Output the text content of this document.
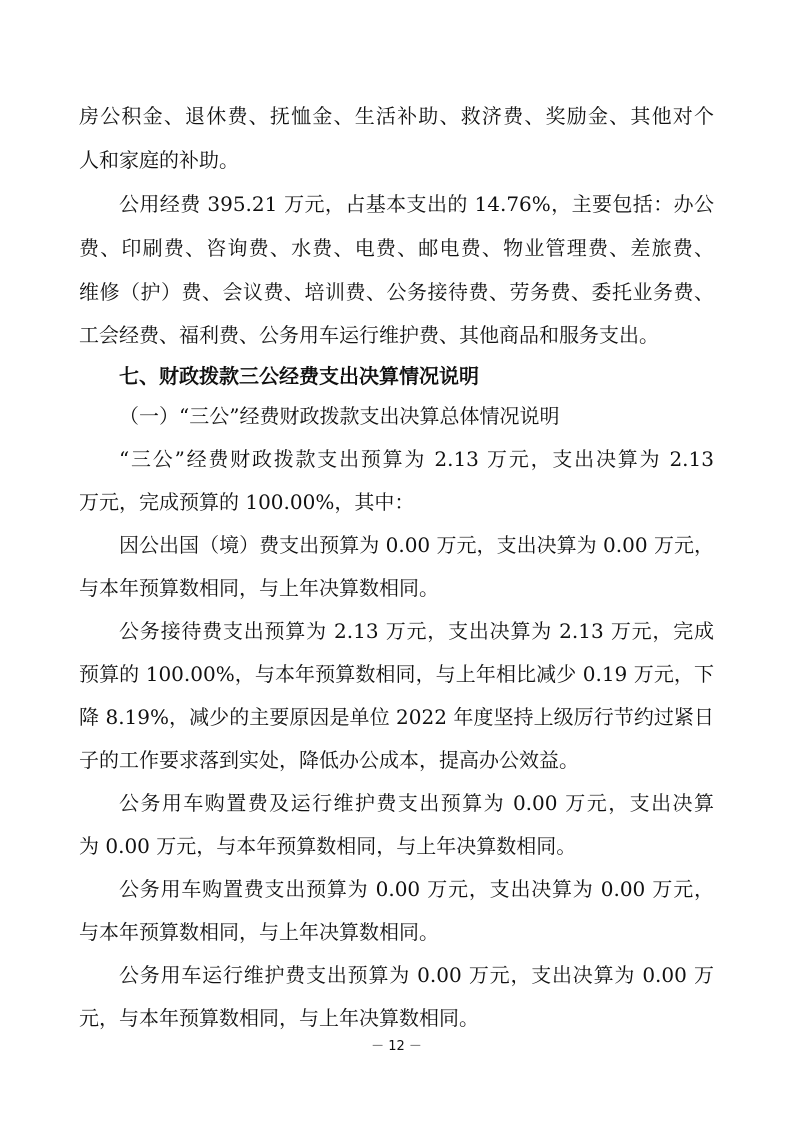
房公积金、退休费、抚恤金、生活补助、救济费、奖励金、其他对个
人和家庭的补助。
公用经费 395.21 万元，占基本支出的 14.76%，主要包括：办公
费、印刷费、咨询费、水费、电费、邮电费、物业管理费、差旅费、
维修（护）费、会议费、培训费、公务接待费、劳务费、委托业务费、
工会经费、福利费、公务用车运行维护费、其他商品和服务支出。
七、财政拨款三公经费支出决算情况说明
（一）“三公”经费财政拨款支出决算总体情况说明
“三公”经费财政拨款支出预算为 2.13 万元，支出决算为 2.13
万元，完成预算的 100.00%，其中：
因公出国（境）费支出预算为 0.00 万元，支出决算为 0.00 万元，
与本年预算数相同，与上年决算数相同。
公务接待费支出预算为 2.13 万元，支出决算为 2.13 万元，完成
预算的 100.00%，与本年预算数相同，与上年相比减少 0.19 万元，下
降 8.19%，减少的主要原因是单位 2022 年度坚持上级厉行节约过紧日
子的工作要求落到实处，降低办公成本，提高办公效益。
公务用车购置费及运行维护费支出预算为 0.00 万元，支出决算
为 0.00 万元，与本年预算数相同，与上年决算数相同。
公务用车购置费支出预算为 0.00 万元，支出决算为 0.00 万元，
与本年预算数相同，与上年决算数相同。
公务用车运行维护费支出预算为 0.00 万元，支出决算为 0.00 万
元，与本年预算数相同，与上年决算数相同。
－ 12 －
